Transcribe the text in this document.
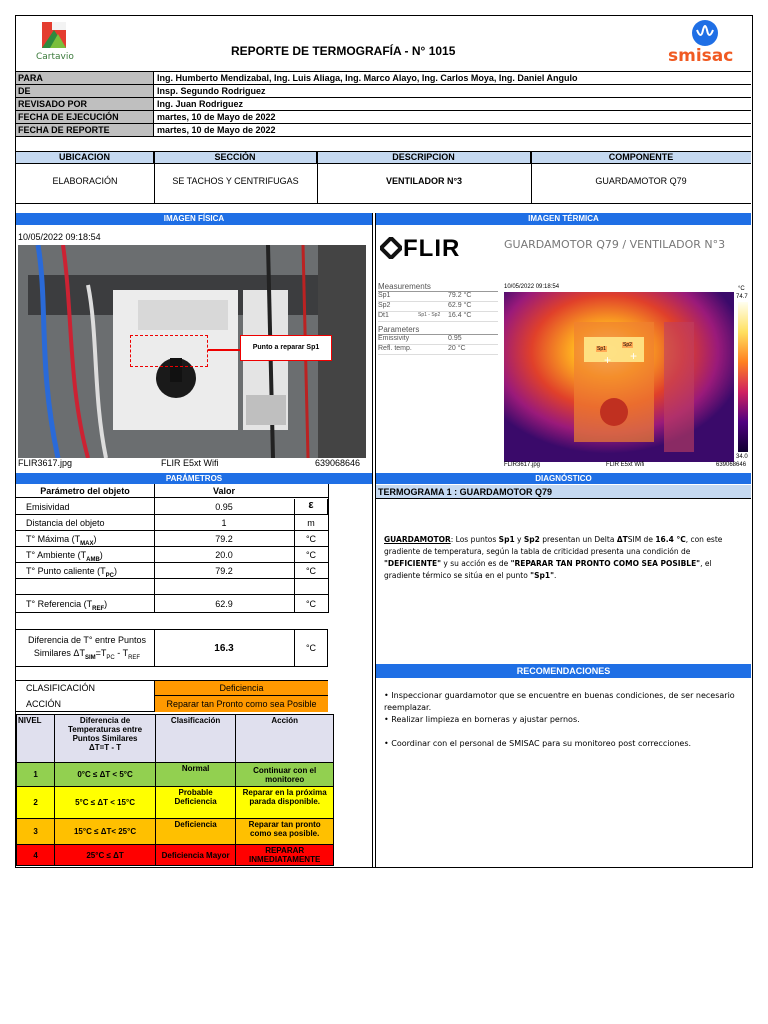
Cartavio	REPORTE DE TERMOGRAFÍA - N° 1015	smisac
PARA	Ing. Humberto Mendizabal, Ing. Luis Aliaga, Ing. Marco Alayo, Ing. Carlos Moya, Ing. Daniel Angulo
DE	Insp. Segundo Rodriguez
REVISADO POR	Ing. Juan Rodriguez
FECHA DE EJECUCIÓN	martes, 10 de Mayo de 2022
FECHA DE REPORTE	martes, 10 de Mayo de 2022
UBICACION	SECCIÓN	DESCRIPCION	COMPONENTE
ELABORACIÓN	SE TACHOS Y CENTRIFUGAS	VENTILADOR N°3	GUARDAMOTOR Q79
IMAGEN FÍSICA	IMAGEN TÉRMICA
10/05/2022 09:18:54
Punto a reparar Sp1
FLIR3617.jpg	FLIR E5xt Wifi	639068646
FLIR	GUARDAMOTOR Q79 / VENTILADOR N°3
Measurements
Sp1	79.2 °C
Sp2	62.9 °C
Dt1	Sp1 - Sp2 16.4 °C
Parameters
Emissivity	0.95
Refl. temp.	20 °C
10/05/2022 09:18:54
Sp1
+
Sp2
+
°C
74.7
34.0
FLIR3617.jpg	FLIR E5xt Wifi	639068646
PARÁMETROS	DIAGNÓSTICO
Parámetro del objeto	Valor
Emisividad	0.95	ε
Distancia del objeto	1	m
T° Máxima $(T_{MAX})$	79.2	°C
T° Ambiente $(T_{AMB})$	20.0	°C
T° Punto caliente $(T_{PC})$	79.2	°C
T° Referencia $(T_{REF})$	62.9	°C
Diferencia de T° entre Puntos
Similares $\Delta T_{SIM}=T_{PC} - T_{REF}$
16.3	°C
CLASIFICACIÓN	Deficiencia
ACCIÓN	Reparar tan Pronto como sea Posible
NIVEL	Diferencia de Temperaturas entre Puntos Similares
ΔT=T - T	Clasificación	Acción
1	0°C ≤ ΔT < 5°C	Normal	Continuar con el monitoreo
2	5°C ≤ ΔT < 15°C	Probable Deficiencia	Reparar en la próxima parada disponible.
3	15°C ≤ ΔT< 25°C	Deficiencia	Reparar tan pronto como sea posible.
4	25°C ≤ ΔT	Deficiencia Mayor	REPARAR INMEDIATAMENTE
TERMOGRAMA 1 : GUARDAMOTOR Q79
GUARDAMOTOR: Los puntos Sp1 y Sp2 presentan un Delta ΔTSIM de 16.4 °C, con este gradiente de temperatura, según la tabla de criticidad presenta una condición de "DEFICIENTE" y su acción es de "REPARAR TAN PRONTO COMO SEA POSIBLE", el gradiente térmico se sitúa en el punto "Sp1".
RECOMENDACIONES
• Inspeccionar guardamotor que se encuentre en buenas condiciones, de ser necesario reemplazar.
• Realizar limpieza en borneras y ajustar pernos.
• Coordinar con el personal de SMISAC para su monitoreo post correcciones.
